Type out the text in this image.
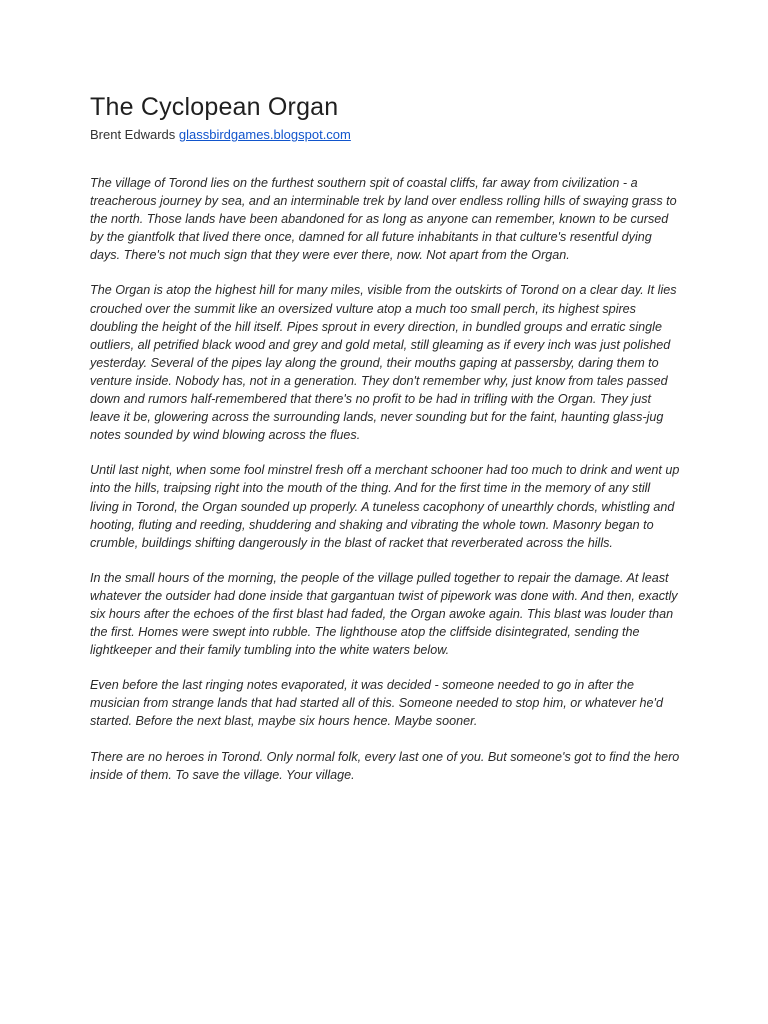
The Cyclopean Organ
Brent Edwards glassbirdgames.blogspot.com

The village of Torond lies on the furthest southern spit of coastal cliffs, far away from civilization - a treacherous journey by sea, and an interminable trek by land over endless rolling hills of swaying grass to the north. Those lands have been abandoned for as long as anyone can remember, known to be cursed by the giantfolk that lived there once, damned for all future inhabitants in that culture's resentful dying days. There's not much sign that they were ever there, now. Not apart from the Organ.

The Organ is atop the highest hill for many miles, visible from the outskirts of Torond on a clear day. It lies crouched over the summit like an oversized vulture atop a much too small perch, its highest spires doubling the height of the hill itself. Pipes sprout in every direction, in bundled groups and erratic single outliers, all petrified black wood and grey and gold metal, still gleaming as if every inch was just polished yesterday. Several of the pipes lay along the ground, their mouths gaping at passersby, daring them to venture inside. Nobody has, not in a generation. They don't remember why, just know from tales passed down and rumors half-remembered that there's no profit to be had in trifling with the Organ. They just leave it be, glowering across the surrounding lands, never sounding but for the faint, haunting glass-jug notes sounded by wind blowing across the flues.

Until last night, when some fool minstrel fresh off a merchant schooner had too much to drink and went up into the hills, traipsing right into the mouth of the thing. And for the first time in the memory of any still living in Torond, the Organ sounded up properly. A tuneless cacophony of unearthly chords, whistling and hooting, fluting and reeding, shuddering and shaking and vibrating the whole town. Masonry began to crumble, buildings shifting dangerously in the blast of racket that reverberated across the hills.

In the small hours of the morning, the people of the village pulled together to repair the damage. At least whatever the outsider had done inside that gargantuan twist of pipework was done with. And then, exactly six hours after the echoes of the first blast had faded, the Organ awoke again. This blast was louder than the first. Homes were swept into rubble. The lighthouse atop the cliffside disintegrated, sending the lightkeeper and their family tumbling into the white waters below.

Even before the last ringing notes evaporated, it was decided - someone needed to go in after the musician from strange lands that had started all of this. Someone needed to stop him, or whatever he'd started. Before the next blast, maybe six hours hence. Maybe sooner.

There are no heroes in Torond. Only normal folk, every last one of you. But someone's got to find the hero inside of them. To save the village. Your village.
